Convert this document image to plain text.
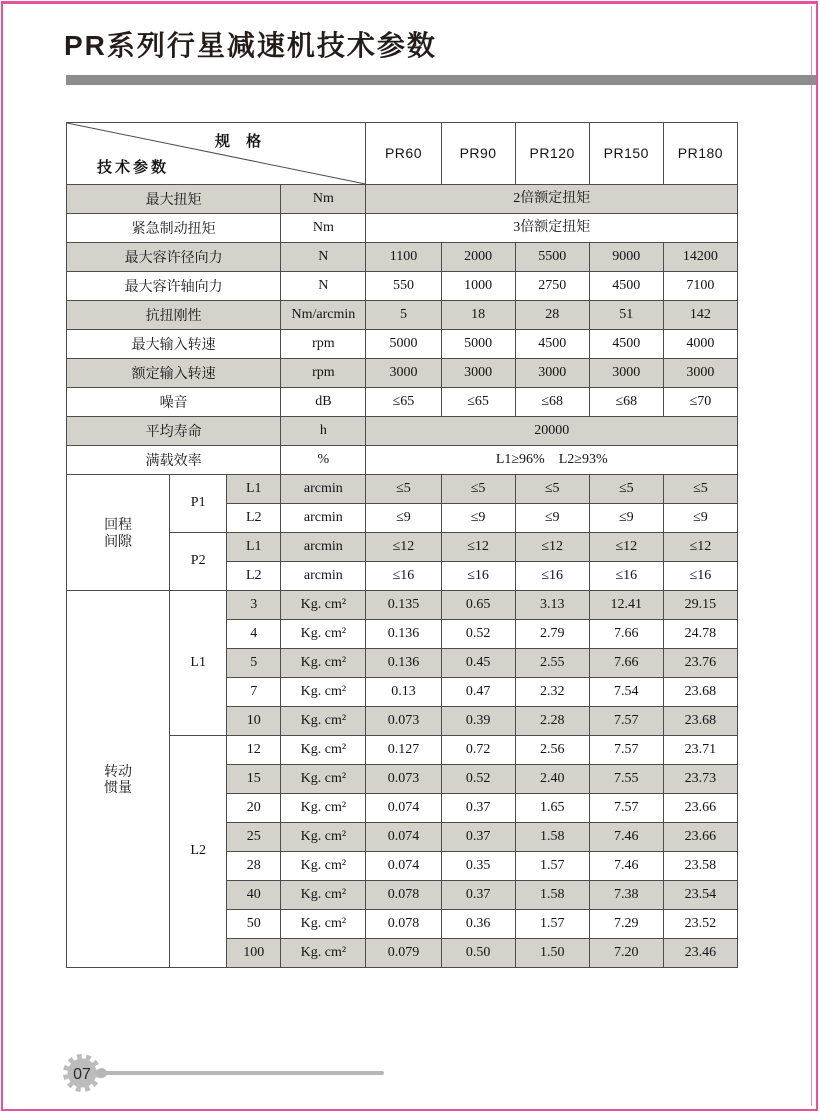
PR系列行星减速机技术参数
规 格
技术参数				PR60	PR90	PR120	PR150	PR180
最大扭矩			Nm	2倍额定扭矩				
紧急制动扭矩			Nm	3倍额定扭矩				
最大容许径向力			N	1100	2000	5500	9000	14200
最大容许轴向力			N	550	1000	2750	4500	7100
抗扭刚性			Nm/arcmin	5	18	28	51	142
最大输入转速			rpm	5000	5000	4500	4500	4000
额定输入转速			rpm	3000	3000	3000	3000	3000
噪音			dB	≤65	≤65	≤68	≤68	≤70
平均寿命			h	20000				
满载效率			%	L1≥96%    L2≥93%				
回程
间隙	P1	L1	arcmin	≤5	≤5	≤5	≤5	≤5
		L2	arcmin	≤9	≤9	≤9	≤9	≤9
	P2	L1	arcmin	≤12	≤12	≤12	≤12	≤12
		L2	arcmin	≤16	≤16	≤16	≤16	≤16
转动
惯量	L1	3	Kg. cm²	0.135	0.65	3.13	12.41	29.15
		4	Kg. cm²	0.136	0.52	2.79	7.66	24.78
		5	Kg. cm²	0.136	0.45	2.55	7.66	23.76
		7	Kg. cm²	0.13	0.47	2.32	7.54	23.68
		10	Kg. cm²	0.073	0.39	2.28	7.57	23.68
	L2	12	Kg. cm²	0.127	0.72	2.56	7.57	23.71
		15	Kg. cm²	0.073	0.52	2.40	7.55	23.73
		20	Kg. cm²	0.074	0.37	1.65	7.57	23.66
		25	Kg. cm²	0.074	0.37	1.58	7.46	23.66
		28	Kg. cm²	0.074	0.35	1.57	7.46	23.58
		40	Kg. cm²	0.078	0.37	1.58	7.38	23.54
		50	Kg. cm²	0.078	0.36	1.57	7.29	23.52
		100	Kg. cm²	0.079	0.50	1.50	7.20	23.46
07
